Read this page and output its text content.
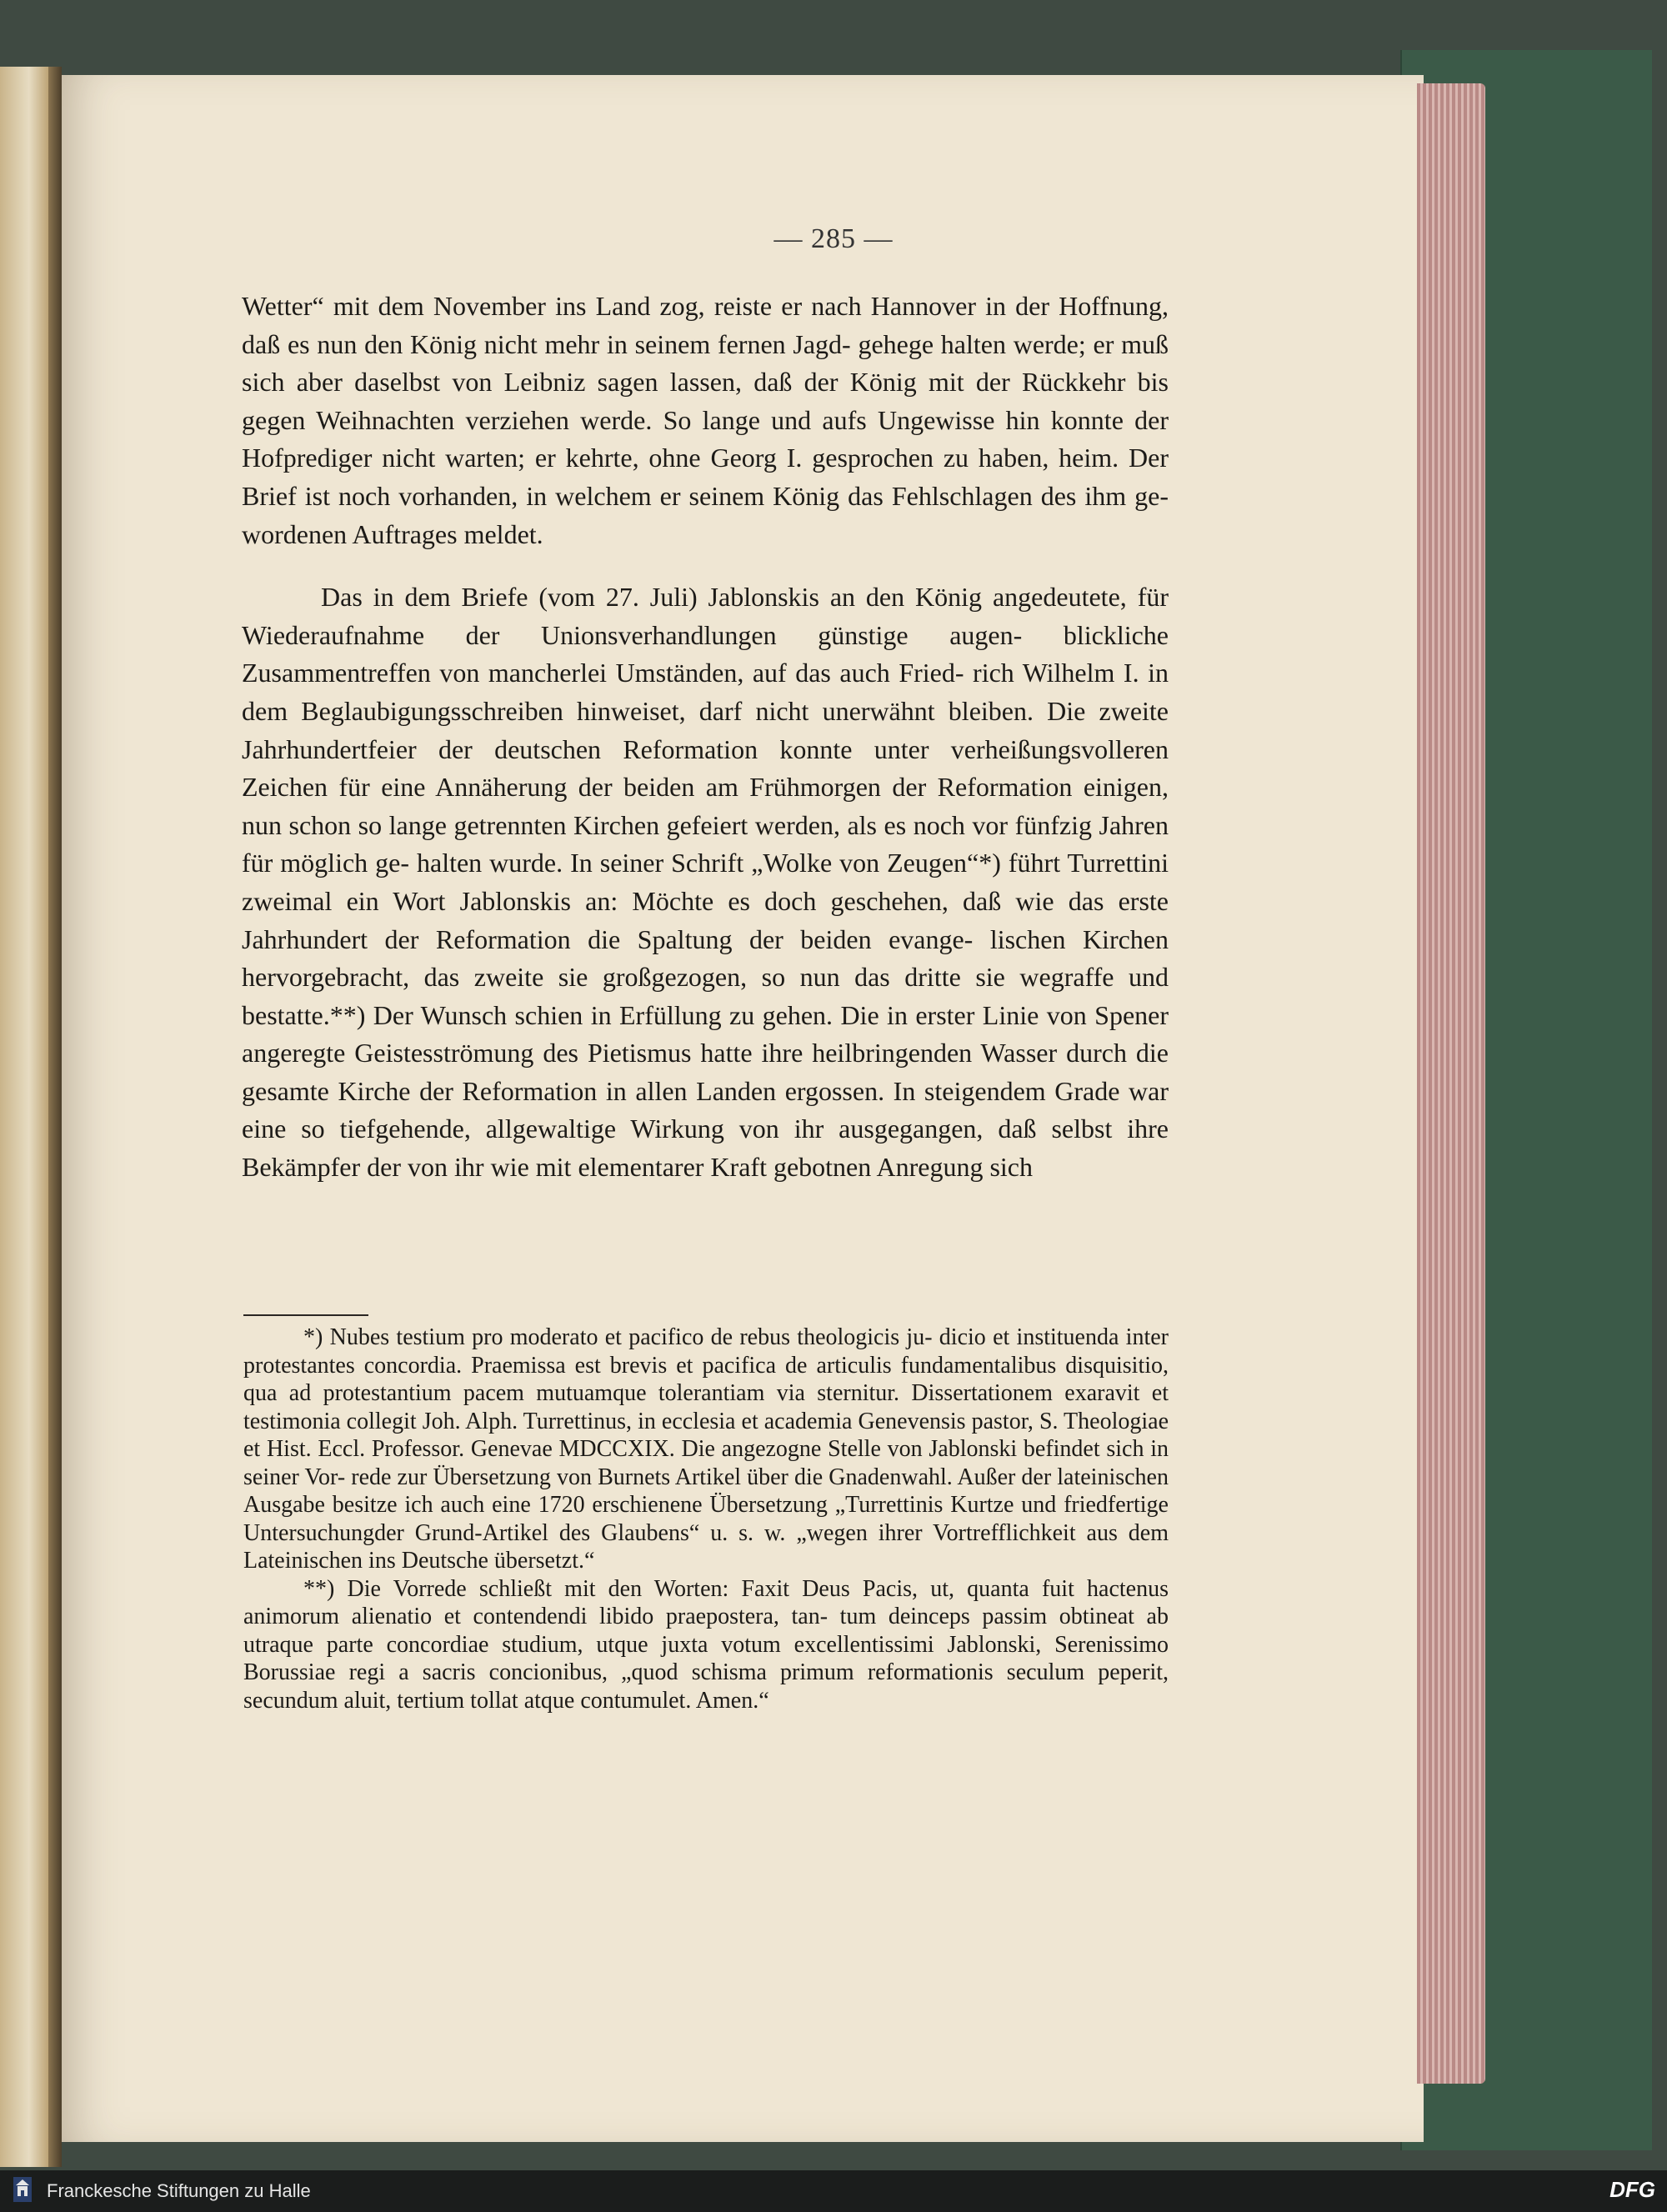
— 285 —

Wetter“ mit dem November ins Land zog, reiste er nach Hannover in der Hoffnung, daß es nun den König nicht mehr in seinem fernen Jagd- gehege halten werde; er muß sich aber daselbst von Leibniz sagen lassen, daß der König mit der Rückkehr bis gegen Weihnachten verziehen werde. So lange und aufs Ungewisse hin konnte der Hofprediger nicht warten; er kehrte, ohne Georg I. gesprochen zu haben, heim. Der Brief ist noch vorhanden, in welchem er seinem König das Fehlschlagen des ihm ge- wordenen Auftrages meldet.

Das in dem Briefe (vom 27. Juli) Jablonskis an den König angedeutete, für Wiederaufnahme der Unionsverhandlungen günstige augen- blickliche Zusammentreffen von mancherlei Umständen, auf das auch Fried- rich Wilhelm I. in dem Beglaubigungsschreiben hinweiset, darf nicht unerwähnt bleiben. Die zweite Jahrhundertfeier der deutschen Reformation konnte unter verheißungsvolleren Zeichen für eine Annäherung der beiden am Frühmorgen der Reformation einigen, nun schon so lange getrennten Kirchen gefeiert werden, als es noch vor fünfzig Jahren für möglich ge- halten wurde. In seiner Schrift „Wolke von Zeugen“*) führt Turrettini zweimal ein Wort Jablonskis an: Möchte es doch geschehen, daß wie das erste Jahrhundert der Reformation die Spaltung der beiden evange- lischen Kirchen hervorgebracht, das zweite sie großgezogen, so nun das dritte sie wegraffe und bestatte.**) Der Wunsch schien in Erfüllung zu gehen. Die in erster Linie von Spener angeregte Geistesströmung des Pietismus hatte ihre heilbringenden Wasser durch die gesamte Kirche der Reformation in allen Landen ergossen. In steigendem Grade war eine so tiefgehende, allgewaltige Wirkung von ihr ausgegangen, daß selbst ihre Bekämpfer der von ihr wie mit elementarer Kraft gebotnen Anregung sich

*) Nubes testium pro moderato et pacifico de rebus theologicis ju- dicio et instituenda inter protestantes concordia. Praemissa est brevis et pacifica de articulis fundamentalibus disquisitio, qua ad protestantium pacem mutuamque tolerantiam via sternitur. Dissertationem exaravit et testimonia collegit Joh. Alph. Turrettinus, in ecclesia et academia Genevensis pastor, S. Theologiae et Hist. Eccl. Professor. Genevae MDCCXIX. Die angezogne Stelle von Jablonski befindet sich in seiner Vor- rede zur Übersetzung von Burnets Artikel über die Gnadenwahl. Außer der lateinischen Ausgabe besitze ich auch eine 1720 erschienene Übersetzung „Turrettinis Kurtze und friedfertige Untersuchungder Grund-Artikel des Glaubens“ u. s. w. „wegen ihrer Vortrefflichkeit aus dem Lateinischen ins Deutsche übersetzt.“

**) Die Vorrede schließt mit den Worten: Faxit Deus Pacis, ut, quanta fuit hactenus animorum alienatio et contendendi libido praepostera, tan- tum deinceps passim obtineat ab utraque parte concordiae studium, utque juxta votum excellentissimi Jablonski, Serenissimo Borussiae regi a sacris concionibus, „quod schisma primum reformationis seculum peperit, secundum aluit, tertium tollat atque contumulet. Amen.“

Franckesche Stiftungen zu Halle	DFG
